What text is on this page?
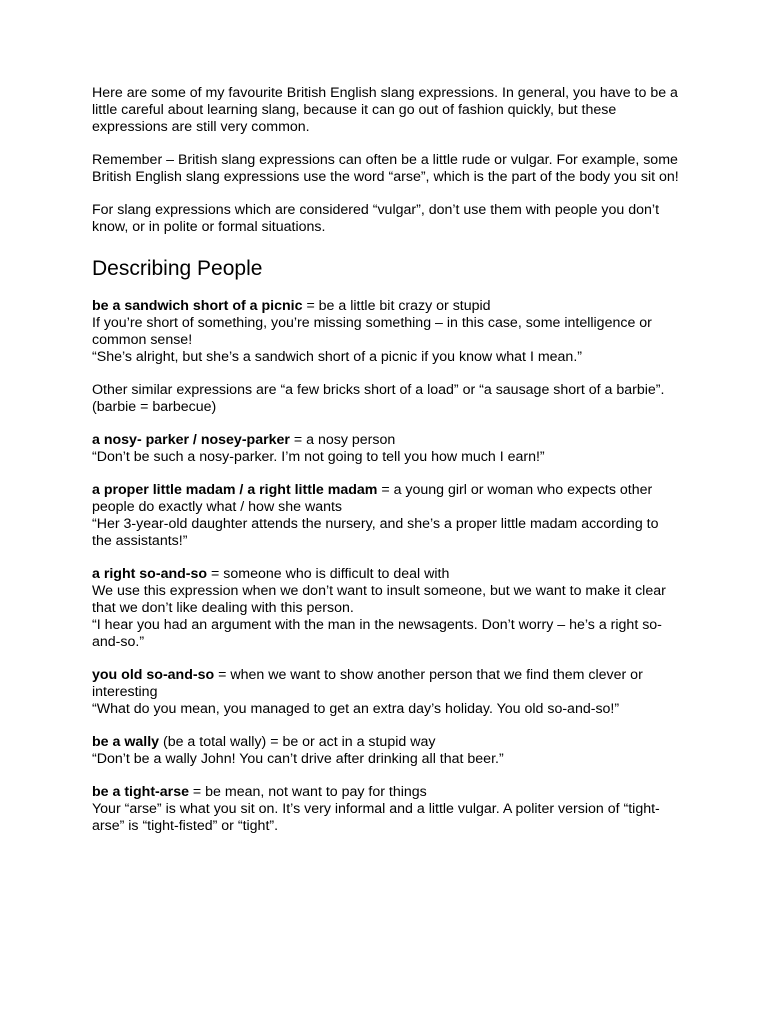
Here are some of my favourite British English slang expressions. In general, you have to be a little careful about learning slang, because it can go out of fashion quickly, but these expressions are still very common.

Remember – British slang expressions can often be a little rude or vulgar. For example, some British English slang expressions use the word “arse”, which is the part of the body you sit on!

For slang expressions which are considered “vulgar”, don’t use them with people you don’t know, or in polite or formal situations.

Describing People

be a sandwich short of a picnic = be a little bit crazy or stupid

If you’re short of something, you’re missing something – in this case, some intelligence or common sense!

“She’s alright, but she’s a sandwich short of a picnic if you know what I mean.”

Other similar expressions are “a few bricks short of a load” or “a sausage short of a barbie”. (barbie = barbecue)

a nosy- parker / nosey-parker = a nosy person

“Don’t be such a nosy-parker. I’m not going to tell you how much I earn!”

a proper little madam / a right little madam = a young girl or woman who expects other people do exactly what / how she wants

“Her 3-year-old daughter attends the nursery, and she’s a proper little madam according to the assistants!”

a right so-and-so = someone who is difficult to deal with

We use this expression when we don’t want to insult someone, but we want to make it clear that we don’t like dealing with this person.

“I hear you had an argument with the man in the newsagents. Don’t worry – he’s a right so-and-so.”

you old so-and-so = when we want to show another person that we find them clever or interesting

“What do you mean, you managed to get an extra day’s holiday. You old so-and-so!”

be a wally (be a total wally) = be or act in a stupid way

“Don’t be a wally John! You can’t drive after drinking all that beer.”

be a tight-arse = be mean, not want to pay for things

Your “arse” is what you sit on. It’s very informal and a little vulgar. A politer version of “tight-arse” is “tight-fisted” or “tight”.
